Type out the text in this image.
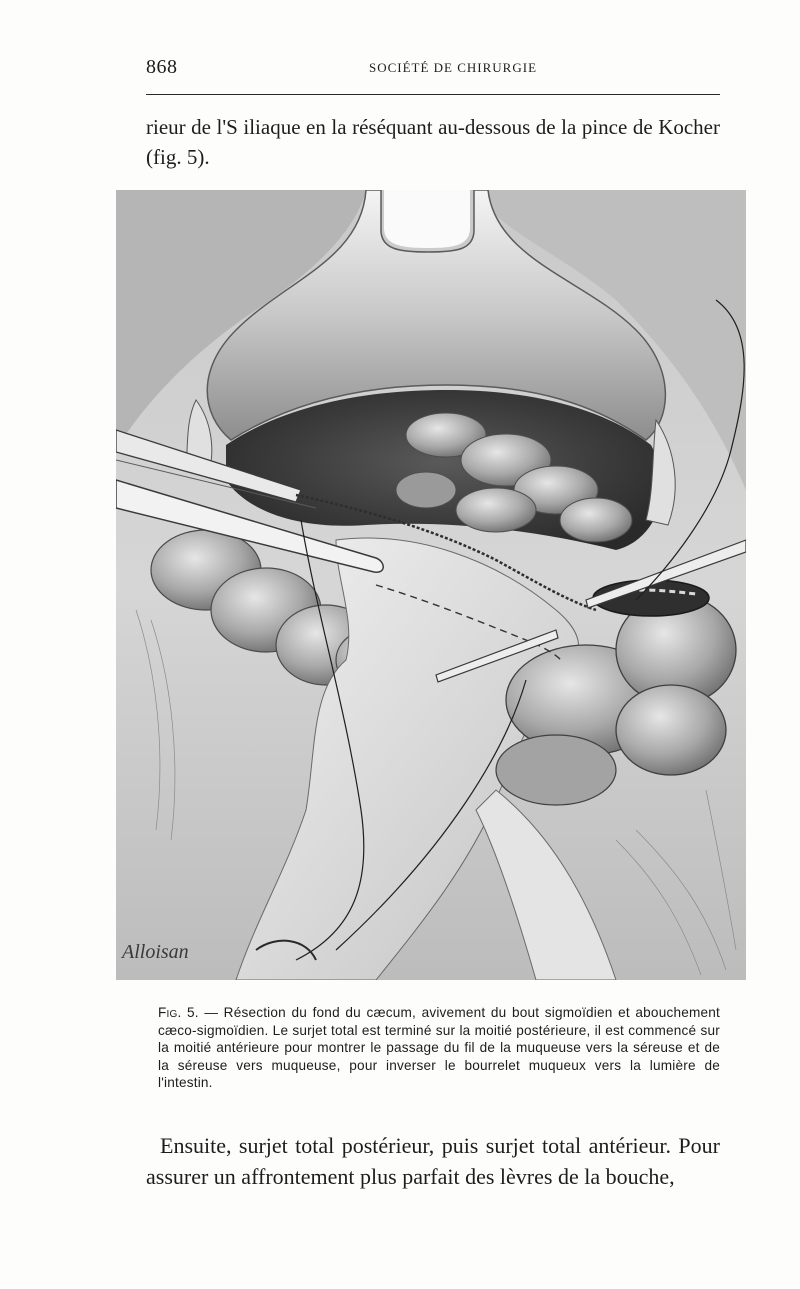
868	SOCIÉTÉ DE CHIRURGIE

rieur de l'S iliaque en la réséquant au-dessous de la pince de Kocher (fig. 5).

Alloisan

Fig. 5. — Résection du fond du cæcum, avivement du bout sigmoïdien et abouchement cæco-sigmoïdien. Le surjet total est terminé sur la moitié postérieure, il est commencé sur la moitié antérieure pour montrer le passage du fil de la muqueuse vers la séreuse et de la séreuse vers muqueuse, pour inverser le bourrelet muqueux vers la lumière de l'intestin.

Ensuite, surjet total postérieur, puis surjet total antérieur. Pour assurer un affrontement plus parfait des lèvres de la bouche,
